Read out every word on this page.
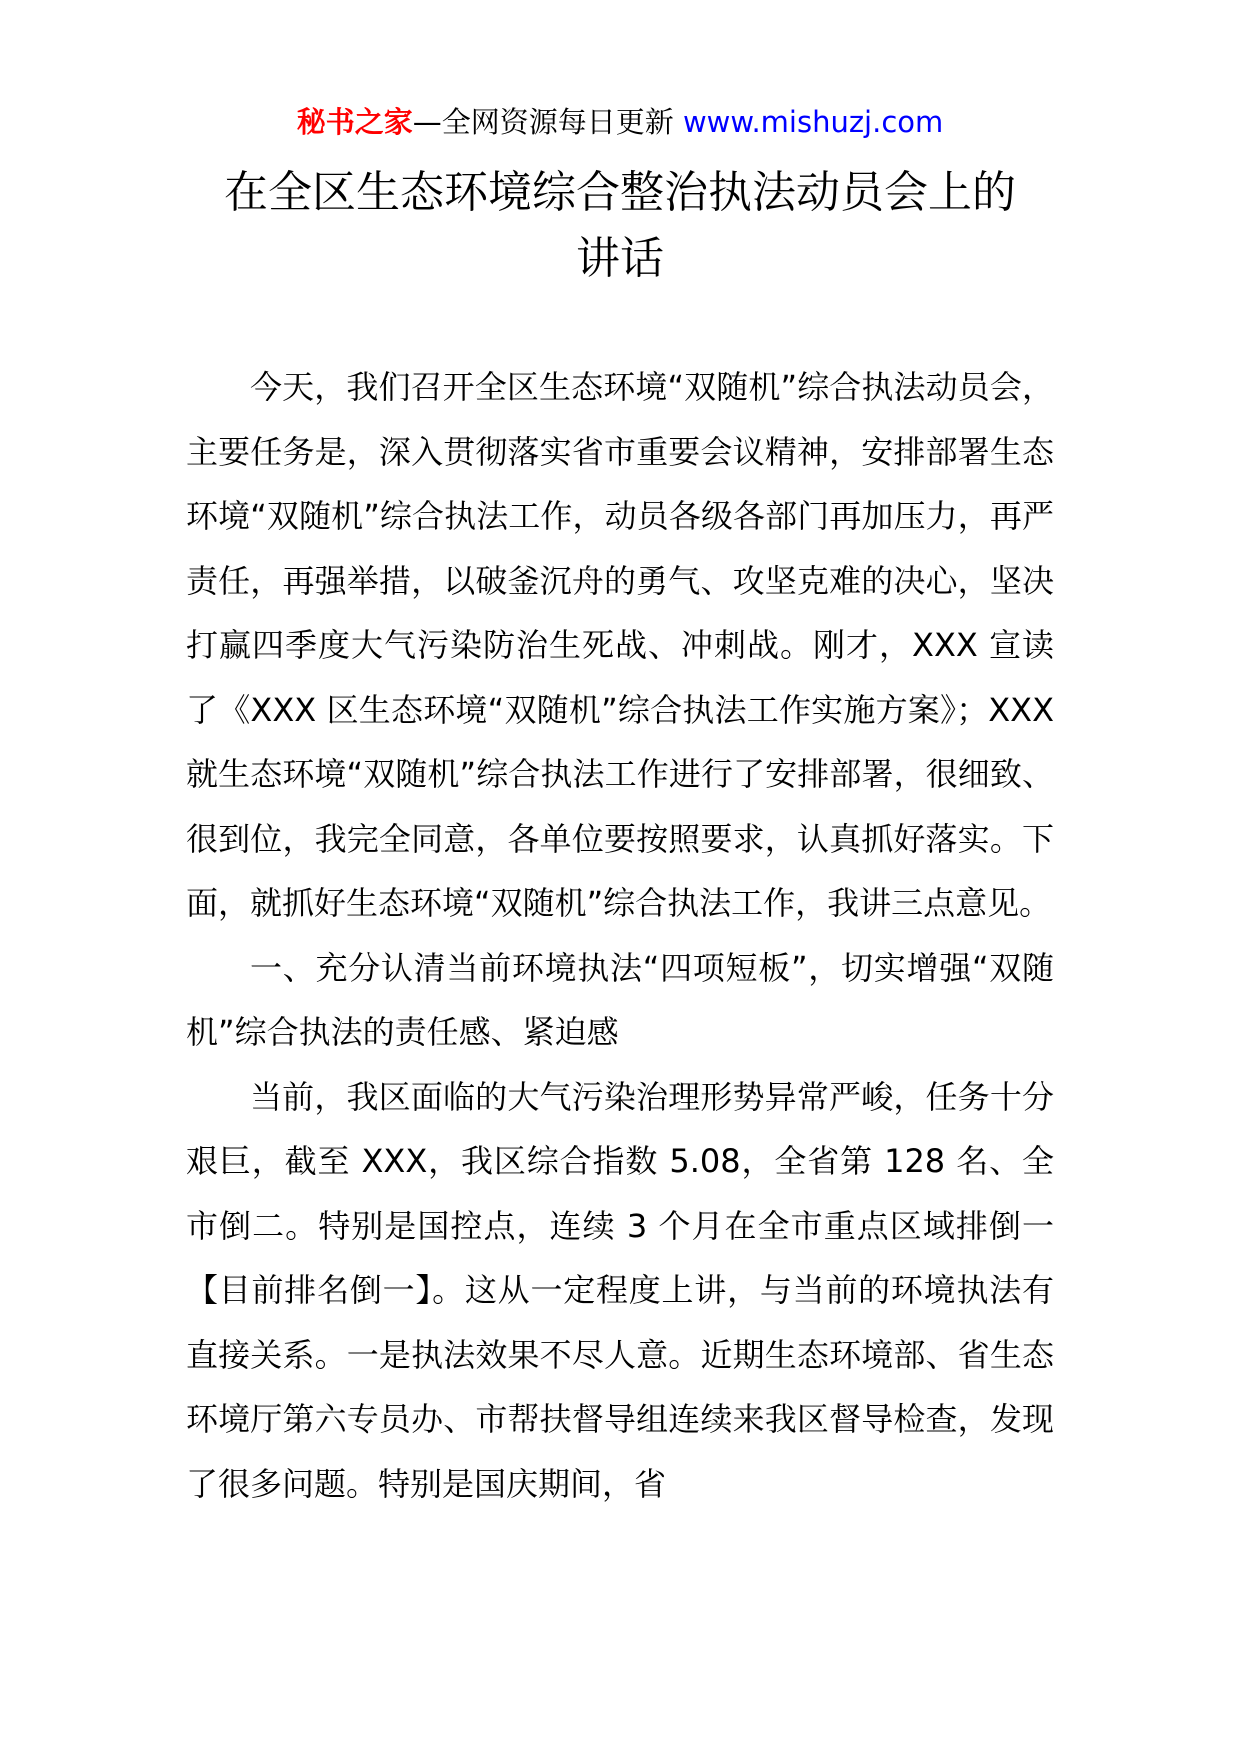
秘书之家—全网资源每日更新 www.mishuzj.com
在全区生态环境综合整治执法动员会上的
讲话

今天，我们召开全区生态环境“双随机”综合执法动员会，主要任务是，深入贯彻落实省市重要会议精神，安排部署生态环境“双随机”综合执法工作，动员各级各部门再加压力，再严责任，再强举措，以破釜沉舟的勇气、攻坚克难的决心，坚决打赢四季度大气污染防治生死战、冲刺战。刚才，XXX 宣读了《XXX 区生态环境“双随机”综合执法工作实施方案》；XXX 就生态环境“双随机”综合执法工作进行了安排部署，很细致、很到位，我完全同意，各单位要按照要求，认真抓好落实。下面，就抓好生态环境“双随机”综合执法工作，我讲三点意见。

一、充分认清当前环境执法“四项短板”，切实增强“双随机”综合执法的责任感、紧迫感

当前，我区面临的大气污染治理形势异常严峻，任务十分艰巨，截至 XXX，我区综合指数 5.08，全省第 128 名、全市倒二。特别是国控点，连续 3 个月在全市重点区域排倒一【目前排名倒一】。这从一定程度上讲，与当前的环境执法有直接关系。一是执法效果不尽人意。近期生态环境部、省生态环境厅第六专员办、市帮扶督导组连续来我区督导检查，发现了很多问题。特别是国庆期间，省
